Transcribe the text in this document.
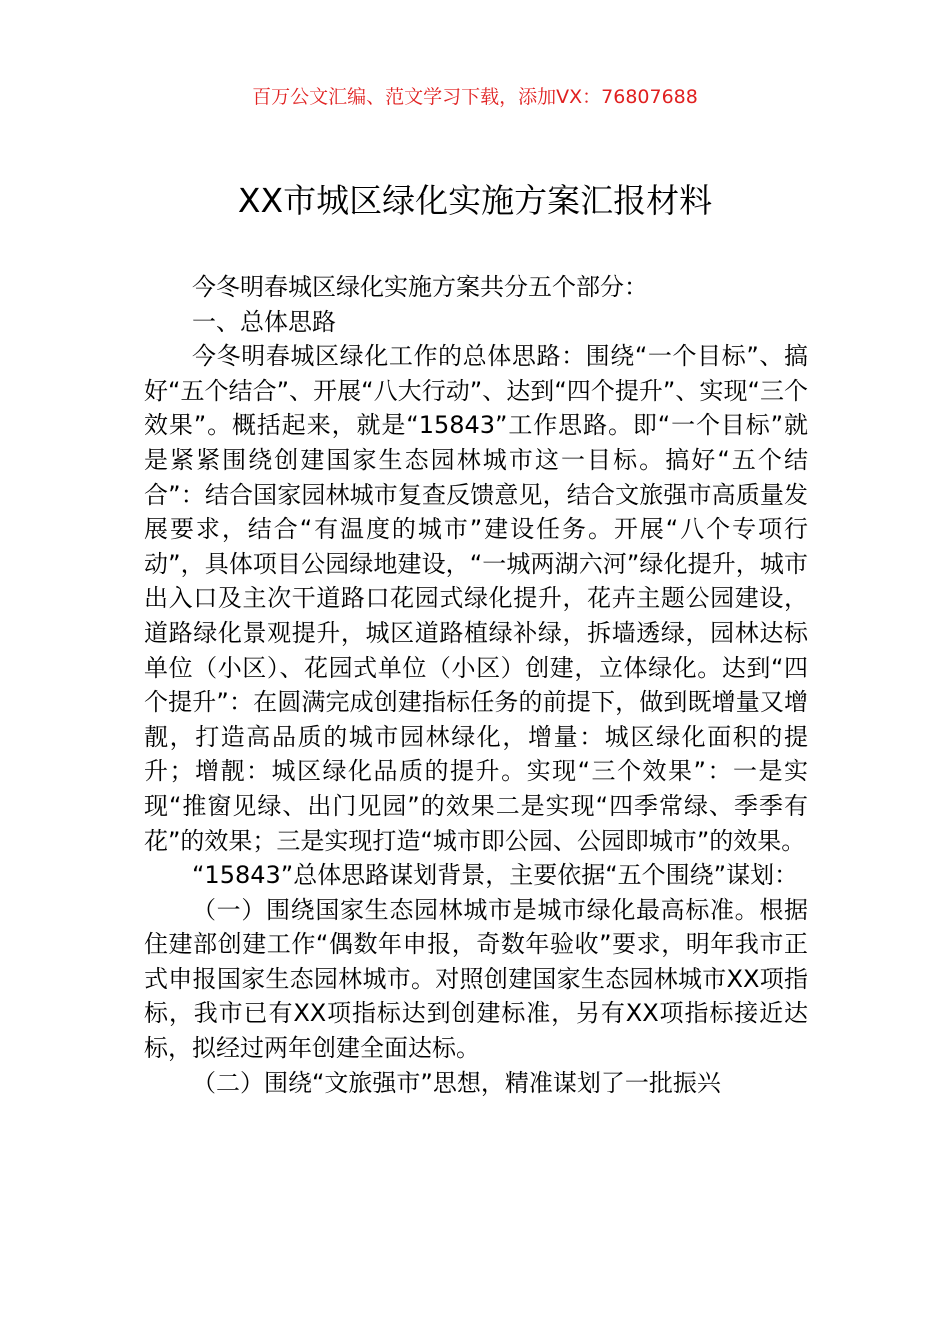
百万公文汇编、范文学习下载，添加VX：76807688
XX市城区绿化实施方案汇报材料

今冬明春城区绿化实施方案共分五个部分：

一、总体思路

今冬明春城区绿化工作的总体思路：围绕“一个目标”、搞好“五个结合”、开展“八大行动”、达到“四个提升”、实现“三个效果”。概括起来，就是“15843”工作思路。即“一个目标”就是紧紧围绕创建国家生态园林城市这一目标。搞好“五个结合”：结合国家园林城市复查反馈意见，结合文旅强市高质量发展要求，结合“有温度的城市”建设任务。开展“八个专项行动”，具体项目公园绿地建设，“一城两湖六河”绿化提升，城市出入口及主次干道路口花园式绿化提升，花卉主题公园建设，道路绿化景观提升，城区道路植绿补绿，拆墙透绿，园林达标单位（小区）、花园式单位（小区）创建，立体绿化。达到“四个提升”：在圆满完成创建指标任务的前提下，做到既增量又增靓，打造高品质的城市园林绿化，增量：城区绿化面积的提升；增靓：城区绿化品质的提升。实现“三个效果”：一是实现“推窗见绿、出门见园”的效果二是实现“四季常绿、季季有花”的效果；三是实现打造“城市即公园、公园即城市”的效果。

“15843”总体思路谋划背景，主要依据“五个围绕”谋划：

（一）围绕国家生态园林城市是城市绿化最高标准。根据住建部创建工作“偶数年申报，奇数年验收”要求，明年我市正式申报国家生态园林城市。对照创建国家生态园林城市XX项指标，我市已有XX项指标达到创建标准，另有XX项指标接近达标，拟经过两年创建全面达标。

（二）围绕“文旅强市”思想，精准谋划了一批振兴
